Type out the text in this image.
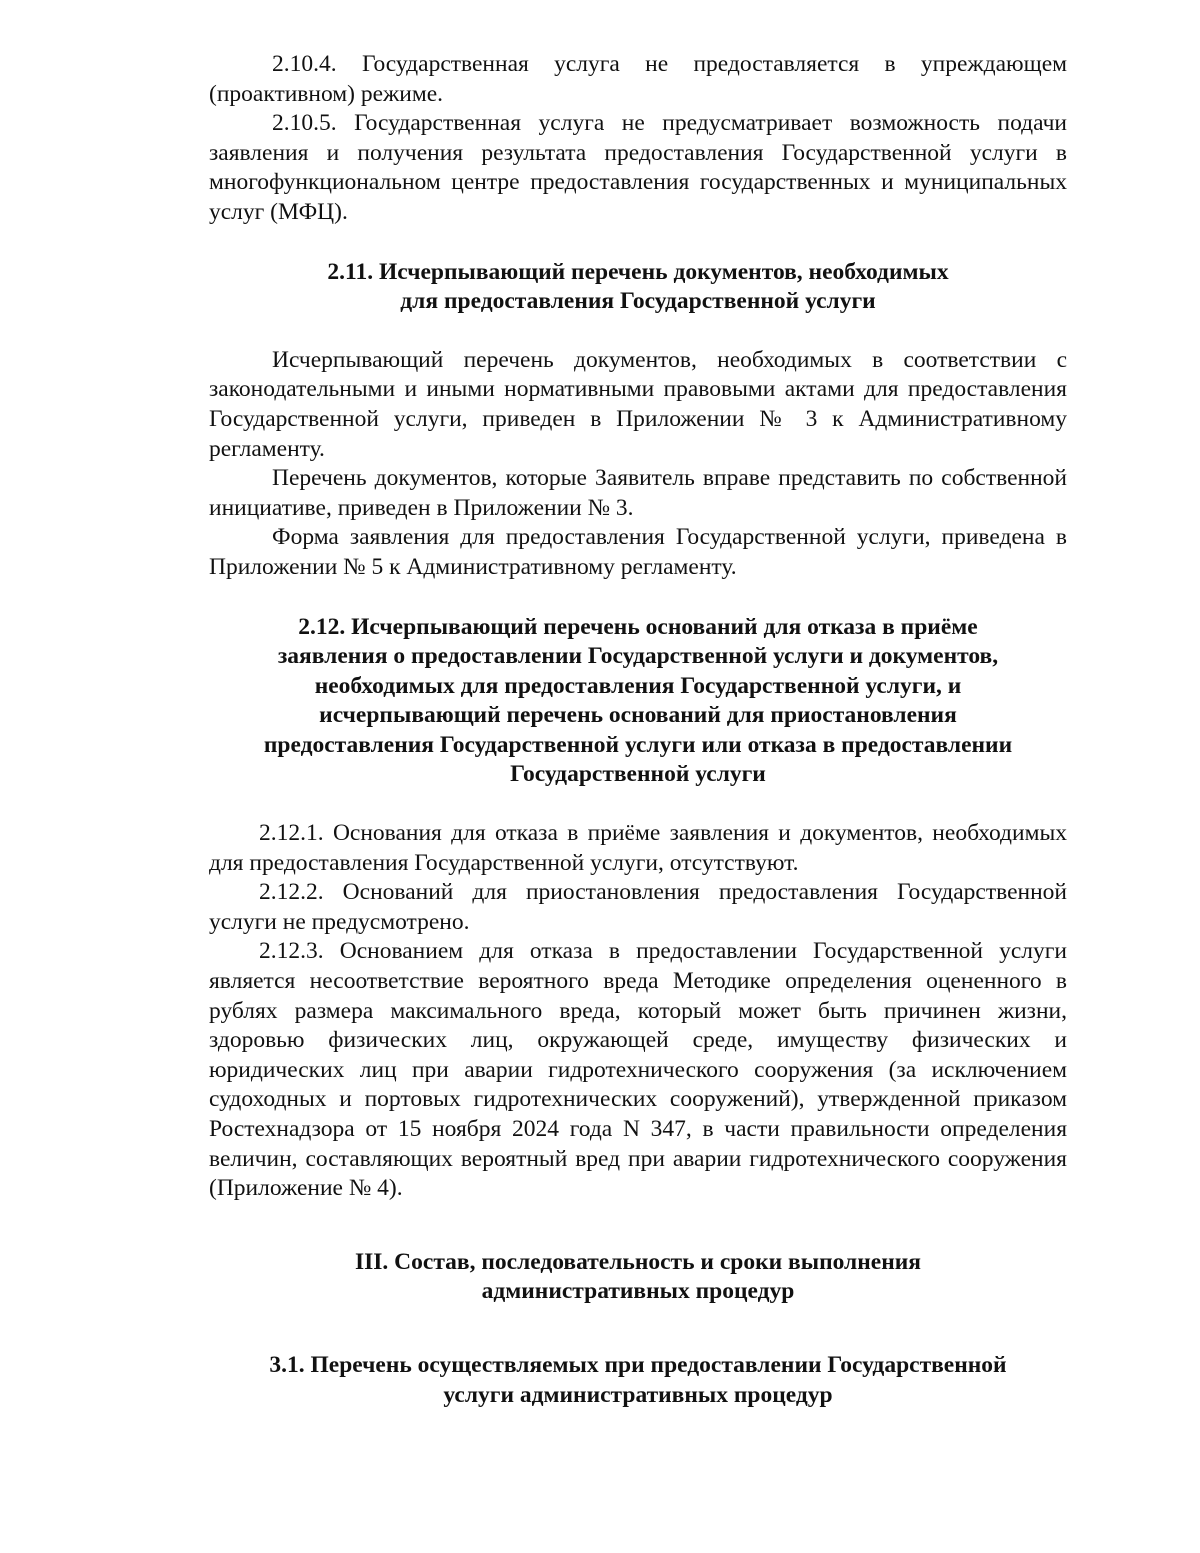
2.10.4. Государственная услуга не предоставляется в упреждающем (проактивном) режиме.

2.10.5. Государственная услуга не предусматривает возможность подачи заявления и получения результата предоставления Государственной услуги в многофункциональном центре предоставления государственных и муниципальных услуг (МФЦ).

2.11. Исчерпывающий перечень документов, необходимых
для предоставления Государственной услуги

Исчерпывающий перечень документов, необходимых в соответствии с законодательными и иными нормативными правовыми актами для предоставления Государственной услуги, приведен в Приложении № 3 к Административному регламенту.

Перечень документов, которые Заявитель вправе представить по собственной инициативе, приведен в Приложении № 3.

Форма заявления для предоставления Государственной услуги, приведена в Приложении № 5 к Административному регламенту.

2.12. Исчерпывающий перечень оснований для отказа в приёме
заявления о предоставлении Государственной услуги и документов,
необходимых для предоставления Государственной услуги, и
исчерпывающий перечень оснований для приостановления
предоставления Государственной услуги или отказа в предоставлении
Государственной услуги

2.12.1. Основания для отказа в приёме заявления и документов, необходимых для предоставления Государственной услуги, отсутствуют.

2.12.2. Оснований для приостановления предоставления Государственной услуги не предусмотрено.

2.12.3. Основанием для отказа в предоставлении Государственной услуги является несоответствие вероятного вреда Методике определения оцененного в рублях размера максимального вреда, который может быть причинен жизни, здоровью физических лиц, окружающей среде, имуществу физических и юридических лиц при аварии гидротехнического сооружения (за исключением судоходных и портовых гидротехнических сооружений), утвержденной приказом Ростехнадзора от 15 ноября 2024 года N 347, в части правильности определения величин, составляющих вероятный вред при аварии гидротехнического сооружения (Приложение № 4).

III. Состав, последовательность и сроки выполнения
административных процедур
3.1. Перечень осуществляемых при предоставлении Государственной
услуги административных процедур
